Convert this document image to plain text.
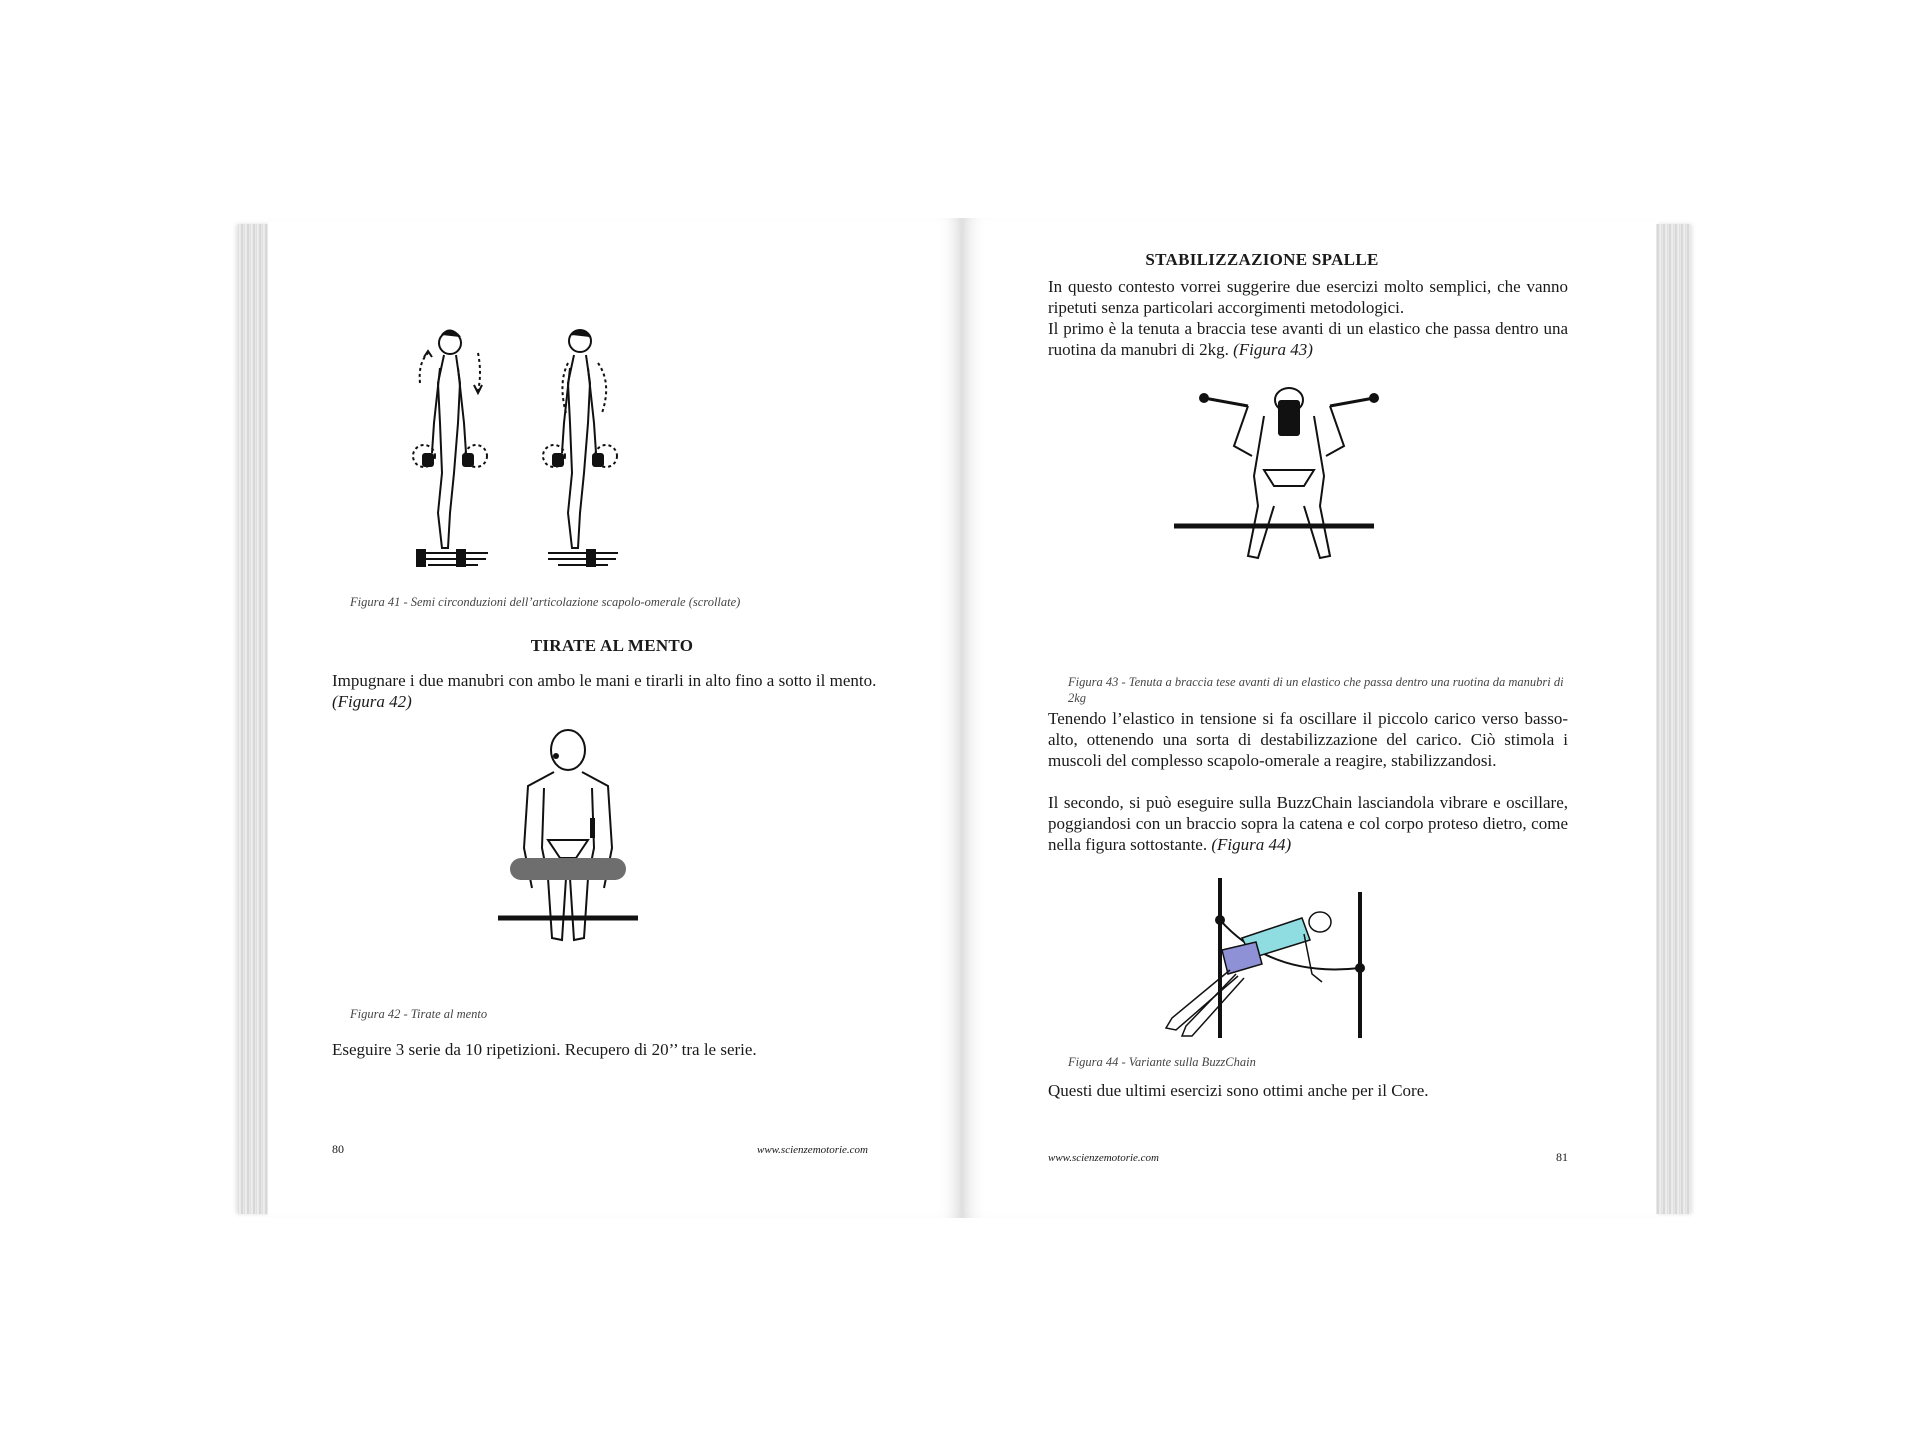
Figura 41 - Semi circonduzioni dell’articolazione scapolo-omerale (scrollate)
TIRATE AL MENTO
Impugnare i due manubri con ambo le mani e tirarli in alto fino a sotto il mento.
(Figura 42)
Figura 42 - Tirate al mento
Eseguire 3 serie da 10 ripetizioni. Recupero di 20’’ tra le serie.
80	www.scienzemotorie.com
STABILIZZAZIONE SPALLE
In questo contesto vorrei suggerire due esercizi molto semplici, che vanno ripetuti senza particolari accorgimenti metodologici.
Il primo è la tenuta a braccia tese avanti di un elastico che passa dentro una ruotina da manubri di 2kg. (Figura 43)
Figura 43 - Tenuta a braccia tese avanti di un elastico che passa dentro una ruotina da manubri di 2kg
Tenendo l’elastico in tensione si fa oscillare il piccolo carico verso basso-alto, ottenendo una sorta di destabilizzazione del carico. Ciò stimola i muscoli del complesso scapolo-omerale a reagire, stabilizzandosi.
Il secondo, si può eseguire sulla BuzzChain lasciandola vibrare e oscillare, poggiandosi con un braccio sopra la catena e col corpo proteso dietro, come nella figura sottostante. (Figura 44)
Figura 44 - Variante sulla BuzzChain
Questi due ultimi esercizi sono ottimi anche per il Core.
www.scienzemotorie.com	81
